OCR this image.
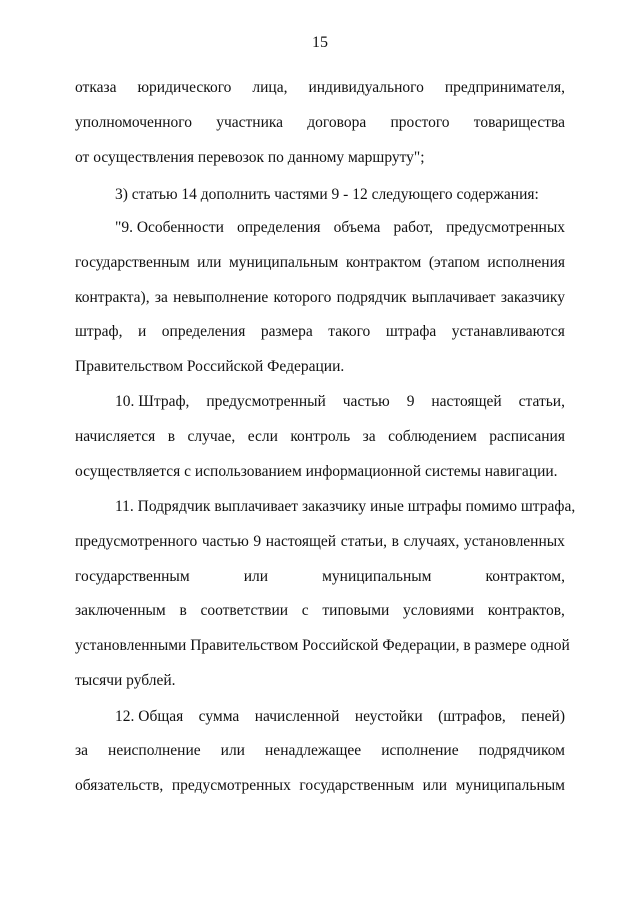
15
отказа юридического лица, индивидуального предпринимателя,
уполномоченного участника договора простого товарищества
от осуществления перевозок по данному маршруту";
3) статью 14 дополнить частями 9 - 12 следующего содержания:
"9. Особенности определения объема работ, предусмотренных
государственным или муниципальным контрактом (этапом исполнения
контракта), за невыполнение которого подрядчик выплачивает заказчику
штраф, и определения размера такого штрафа устанавливаются
Правительством Российской Федерации.
10. Штраф, предусмотренный частью 9 настоящей статьи,
начисляется в случае, если контроль за соблюдением расписания
осуществляется с использованием информационной системы навигации.
11. Подрядчик выплачивает заказчику иные штрафы помимо штрафа,
предусмотренного частью 9 настоящей статьи, в случаях, установленных
государственным	или	муниципальным	контрактом,
заключенным в соответствии с типовыми условиями контрактов,
установленными Правительством Российской Федерации, в размере одной
тысячи рублей.
12. Общая сумма начисленной неустойки (штрафов, пеней)
за неисполнение или ненадлежащее исполнение подрядчиком
обязательств, предусмотренных государственным или муниципальным
